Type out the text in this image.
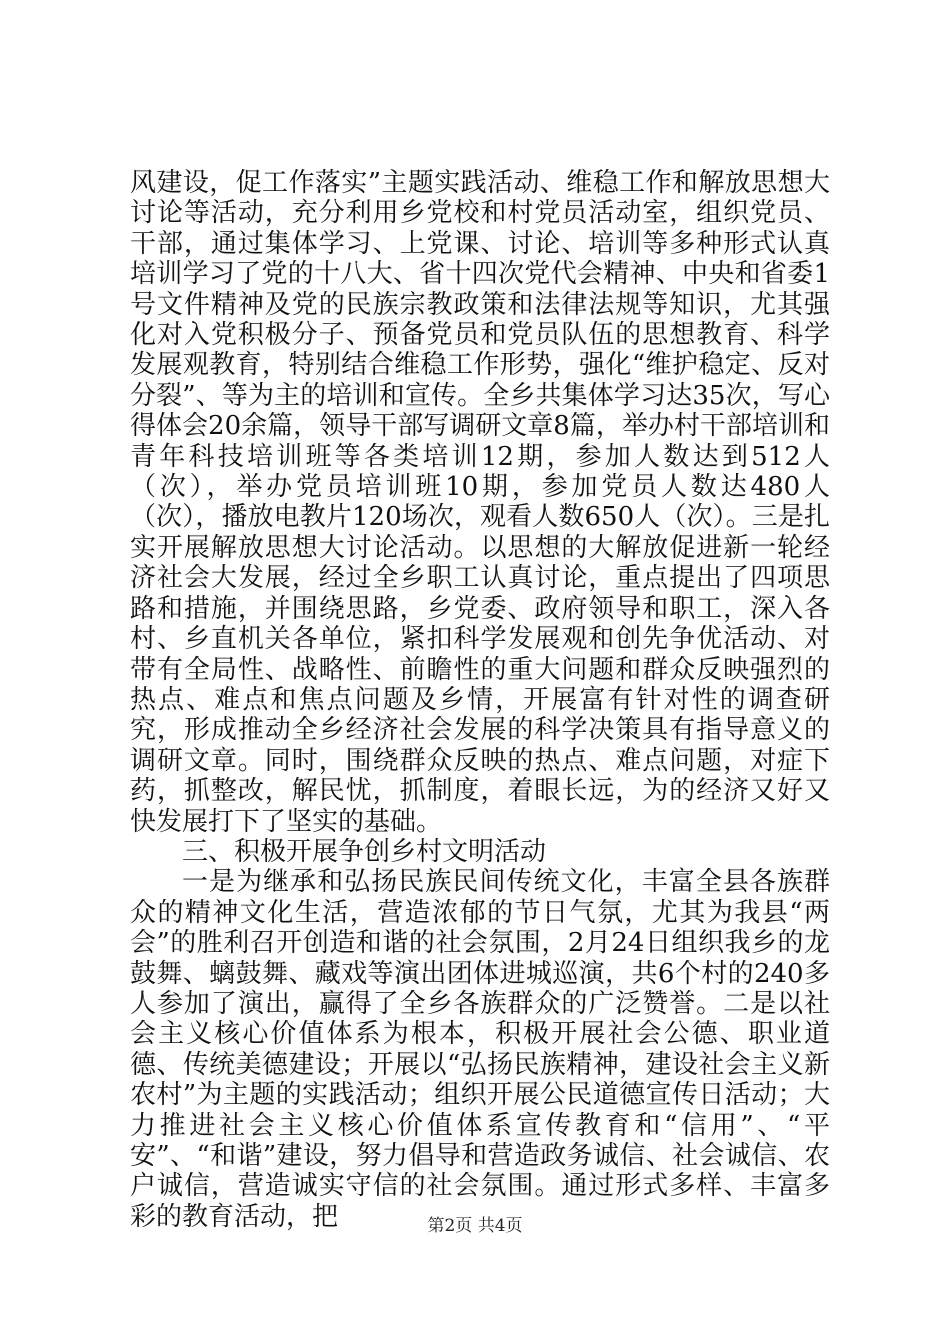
风建设，促工作落实”主题实践活动、维稳工作和解放思想大讨论等活动，充分利用乡党校和村党员活动室，组织党员、干部，通过集体学习、上党课、讨论、培训等多种形式认真培训学习了党的十八大、省十四次党代会精神、中央和省委1号文件精神及党的民族宗教政策和法律法规等知识，尤其强化对入党积极分子、预备党员和党员队伍的思想教育、科学发展观教育，特别结合维稳工作形势，强化“维护稳定、反对分裂”、等为主的培训和宣传。全乡共集体学习达35次，写心得体会20余篇，领导干部写调研文章8篇，举办村干部培训和青年科技培训班等各类培训12期，参加人数达到512人（次），举办党员培训班10期，参加党员人数达480人（次），播放电教片120场次，观看人数650人（次）。三是扎实开展解放思想大讨论活动。以思想的大解放促进新一轮经济社会大发展，经过全乡职工认真讨论，重点提出了四项思路和措施，并围绕思路，乡党委、政府领导和职工，深入各村、乡直机关各单位，紧扣科学发展观和创先争优活动、对带有全局性、战略性、前瞻性的重大问题和群众反映强烈的热点、难点和焦点问题及乡情，开展富有针对性的调查研究，形成推动全乡经济社会发展的科学决策具有指导意义的调研文章。同时，围绕群众反映的热点、难点问题，对症下药，抓整改，解民忧，抓制度，着眼长远，为的经济又好又快发展打下了坚实的基础。

三、积极开展争创乡村文明活动

一是为继承和弘扬民族民间传统文化，丰富全县各族群众的精神文化生活，营造浓郁的节日气氛，尤其为我县“两会”的胜利召开创造和谐的社会氛围，2月24日组织我乡的龙鼓舞、螭鼓舞、藏戏等演出团体进城巡演，共6个村的240多人参加了演出，赢得了全乡各族群众的广泛赞誉。二是以社会主义核心价值体系为根本，积极开展社会公德、职业道德、传统美德建设；开展以“弘扬民族精神，建设社会主义新农村”为主题的实践活动；组织开展公民道德宣传日活动；大力推进社会主义核心价值体系宣传教育和“信用”、“平安”、“和谐”建设，努力倡导和营造政务诚信、社会诚信、农户诚信，营造诚实守信的社会氛围。通过形式多样、丰富多彩的教育活动，把	第2页 共4页
